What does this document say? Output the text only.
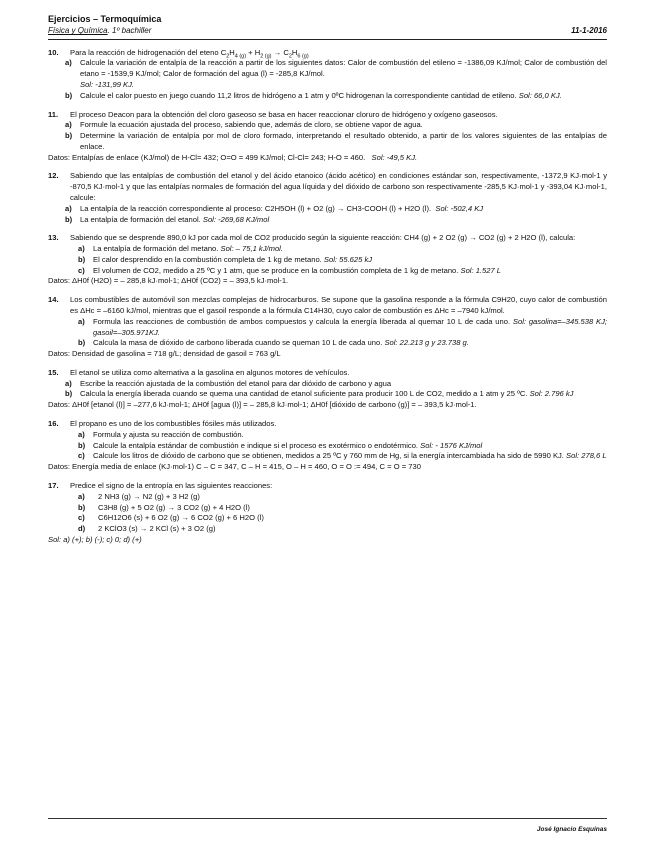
Ejercicios – Termoquímica
Física y Química. 1º bachiller	11-1-2016
10.	Para la reacción de hidrogenación del eteno $C_2H_{4 (g)} + H_{2 (g)} \to C_2H_{6 (g)}$
a)	Calcule la variación de entalpía de la reacción a partir de los siguientes datos: Calor de combustión del etileno = -1386,09 KJ/mol; Calor de combustión del etano = -1539,9 KJ/mol; Calor de formación del agua (l) = -285,8 KJ/mol.
Sol: -131,99 KJ.
b)	Calcule el calor puesto en juego cuando 11,2 litros de hidrógeno a 1 atm y 0ºC hidrogenan la correspondiente cantidad de etileno. Sol: 66,0 KJ.
11.	El proceso Deacon para la obtención del cloro gaseoso se basa en hacer reaccionar cloruro de hidrógeno y oxígeno gaseosos.
a)	Formule la ecuación ajustada del proceso, sabiendo que, además de cloro, se obtiene vapor de agua.
b)	Determine la variación de entalpía por mol de cloro formado, interpretando el resultado obtenido, a partir de los valores siguientes de las entalpías de enlace.

Datos: Entalpías de enlace (KJ/mol) de H-Cl= 432; O=O = 499 KJ/mol; Cl-Cl= 243; H-O = 460. Sol: -49,5 KJ.

12.	Sabiendo que las entalpías de combustión del etanol y del ácido etanoico (ácido acético) en condiciones estándar son, respectivamente, -1372,9 KJ·mol-1 y -870,5 KJ·mol-1 y que las entalpías normales de formación del agua líquida y del dióxido de carbono son respectivamente -285,5 KJ·mol-1 y -393,04 KJ·mol-1, calcule:
a)	La entalpía de la reacción correspondiente al proceso: C2H5OH (l) + O2 (g) → CH3-COOH (l) + H2O (l). Sol: -502,4 KJ
b)	La entalpía de formación del etanol. Sol: -269,68 KJ/mol
13.	Sabiendo que se desprende 890,0 kJ por cada mol de CO2 producido según la siguiente reacción: CH4 (g) + 2 O2 (g) → CO2 (g) + 2 H2O (l), calcula:
a)	La entalpía de formación del metano. Sol: – 75,1 kJ/mol.
b)	El calor desprendido en la combustión completa de 1 kg de metano. Sol: 55.625 kJ
c)	El volumen de CO2, medido a 25 ºC y 1 atm, que se produce en la combustión completa de 1 kg de metano. Sol: 1.527 L

Datos: ΔH0f (H2O) = – 285,8 kJ·mol-1; ΔH0f (CO2) = – 393,5 kJ·mol-1.

14.	Los combustibles de automóvil son mezclas complejas de hidrocarburos. Se supone que la gasolina responde a la fórmula C9H20, cuyo calor de combustión es ΔHc = –6160 kJ/mol, mientras que el gasoil responde a la fórmula C14H30, cuyo calor de combustión es ΔHc = –7940 kJ/mol.
a)	Formula las reacciones de combustión de ambos compuestos y calcula la energía liberada al quemar 10 L de cada uno. Sol: gasolina=–345.538 KJ; gasoil=–305.971KJ.
b)	Calcula la masa de dióxido de carbono liberada cuando se queman 10 L de cada uno. Sol: 22.213 g y 23.738 g.

Datos: Densidad de gasolina = 718 g/L; densidad de gasoil = 763 g/L

15.	El etanol se utiliza como alternativa a la gasolina en algunos motores de vehículos.
a)	Escribe la reacción ajustada de la combustión del etanol para dar dióxido de carbono y agua
b)	Calcula la energía liberada cuando se quema una cantidad de etanol suficiente para producir 100 L de CO2, medido a 1 atm y 25 ºC. Sol: 2.796 kJ

Datos: ΔH0f [etanol (l)] = –277,6 kJ·mol-1; ΔH0f [agua (l)] = – 285,8 kJ·mol-1; ΔH0f [dióxido de carbono (g)] = – 393,5 kJ·mol-1.

16.	El propano es uno de los combustibles fósiles más utilizados.
a)	Formula y ajusta su reacción de combustión.
b)	Calcule la entalpía estándar de combustión e indique si el proceso es exotérmico o endotérmico. Sol: - 1576 KJ/mol
c)	Calcule los litros de dióxido de carbono que se obtienen, medidos a 25 ºC y 760 mm de Hg, si la energía intercambiada ha sido de 5990 KJ. Sol: 278,6 L

Datos: Energía media de enlace (KJ·mol-1) C – C = 347, C – H = 415, O – H = 460, O = O := 494, C = O = 730

17.	Predice el signo de la entropía en las siguientes reacciones:
a)	2 NH3 (g) → N2 (g) + 3 H2 (g)
b)	C3H8 (g) + 5 O2 (g) → 3 CO2 (g) + 4 H2O (l)
c)	C6H12O6 (s) + 6 O2 (g) → 6 CO2 (g) + 6 H2O (l)
d)	2 KClO3 (s) → 2 KCl (s) + 3 O2 (g)

Sol: a) (+); b) (-); c) 0; d) (+)

José Ignacio Esquinas
